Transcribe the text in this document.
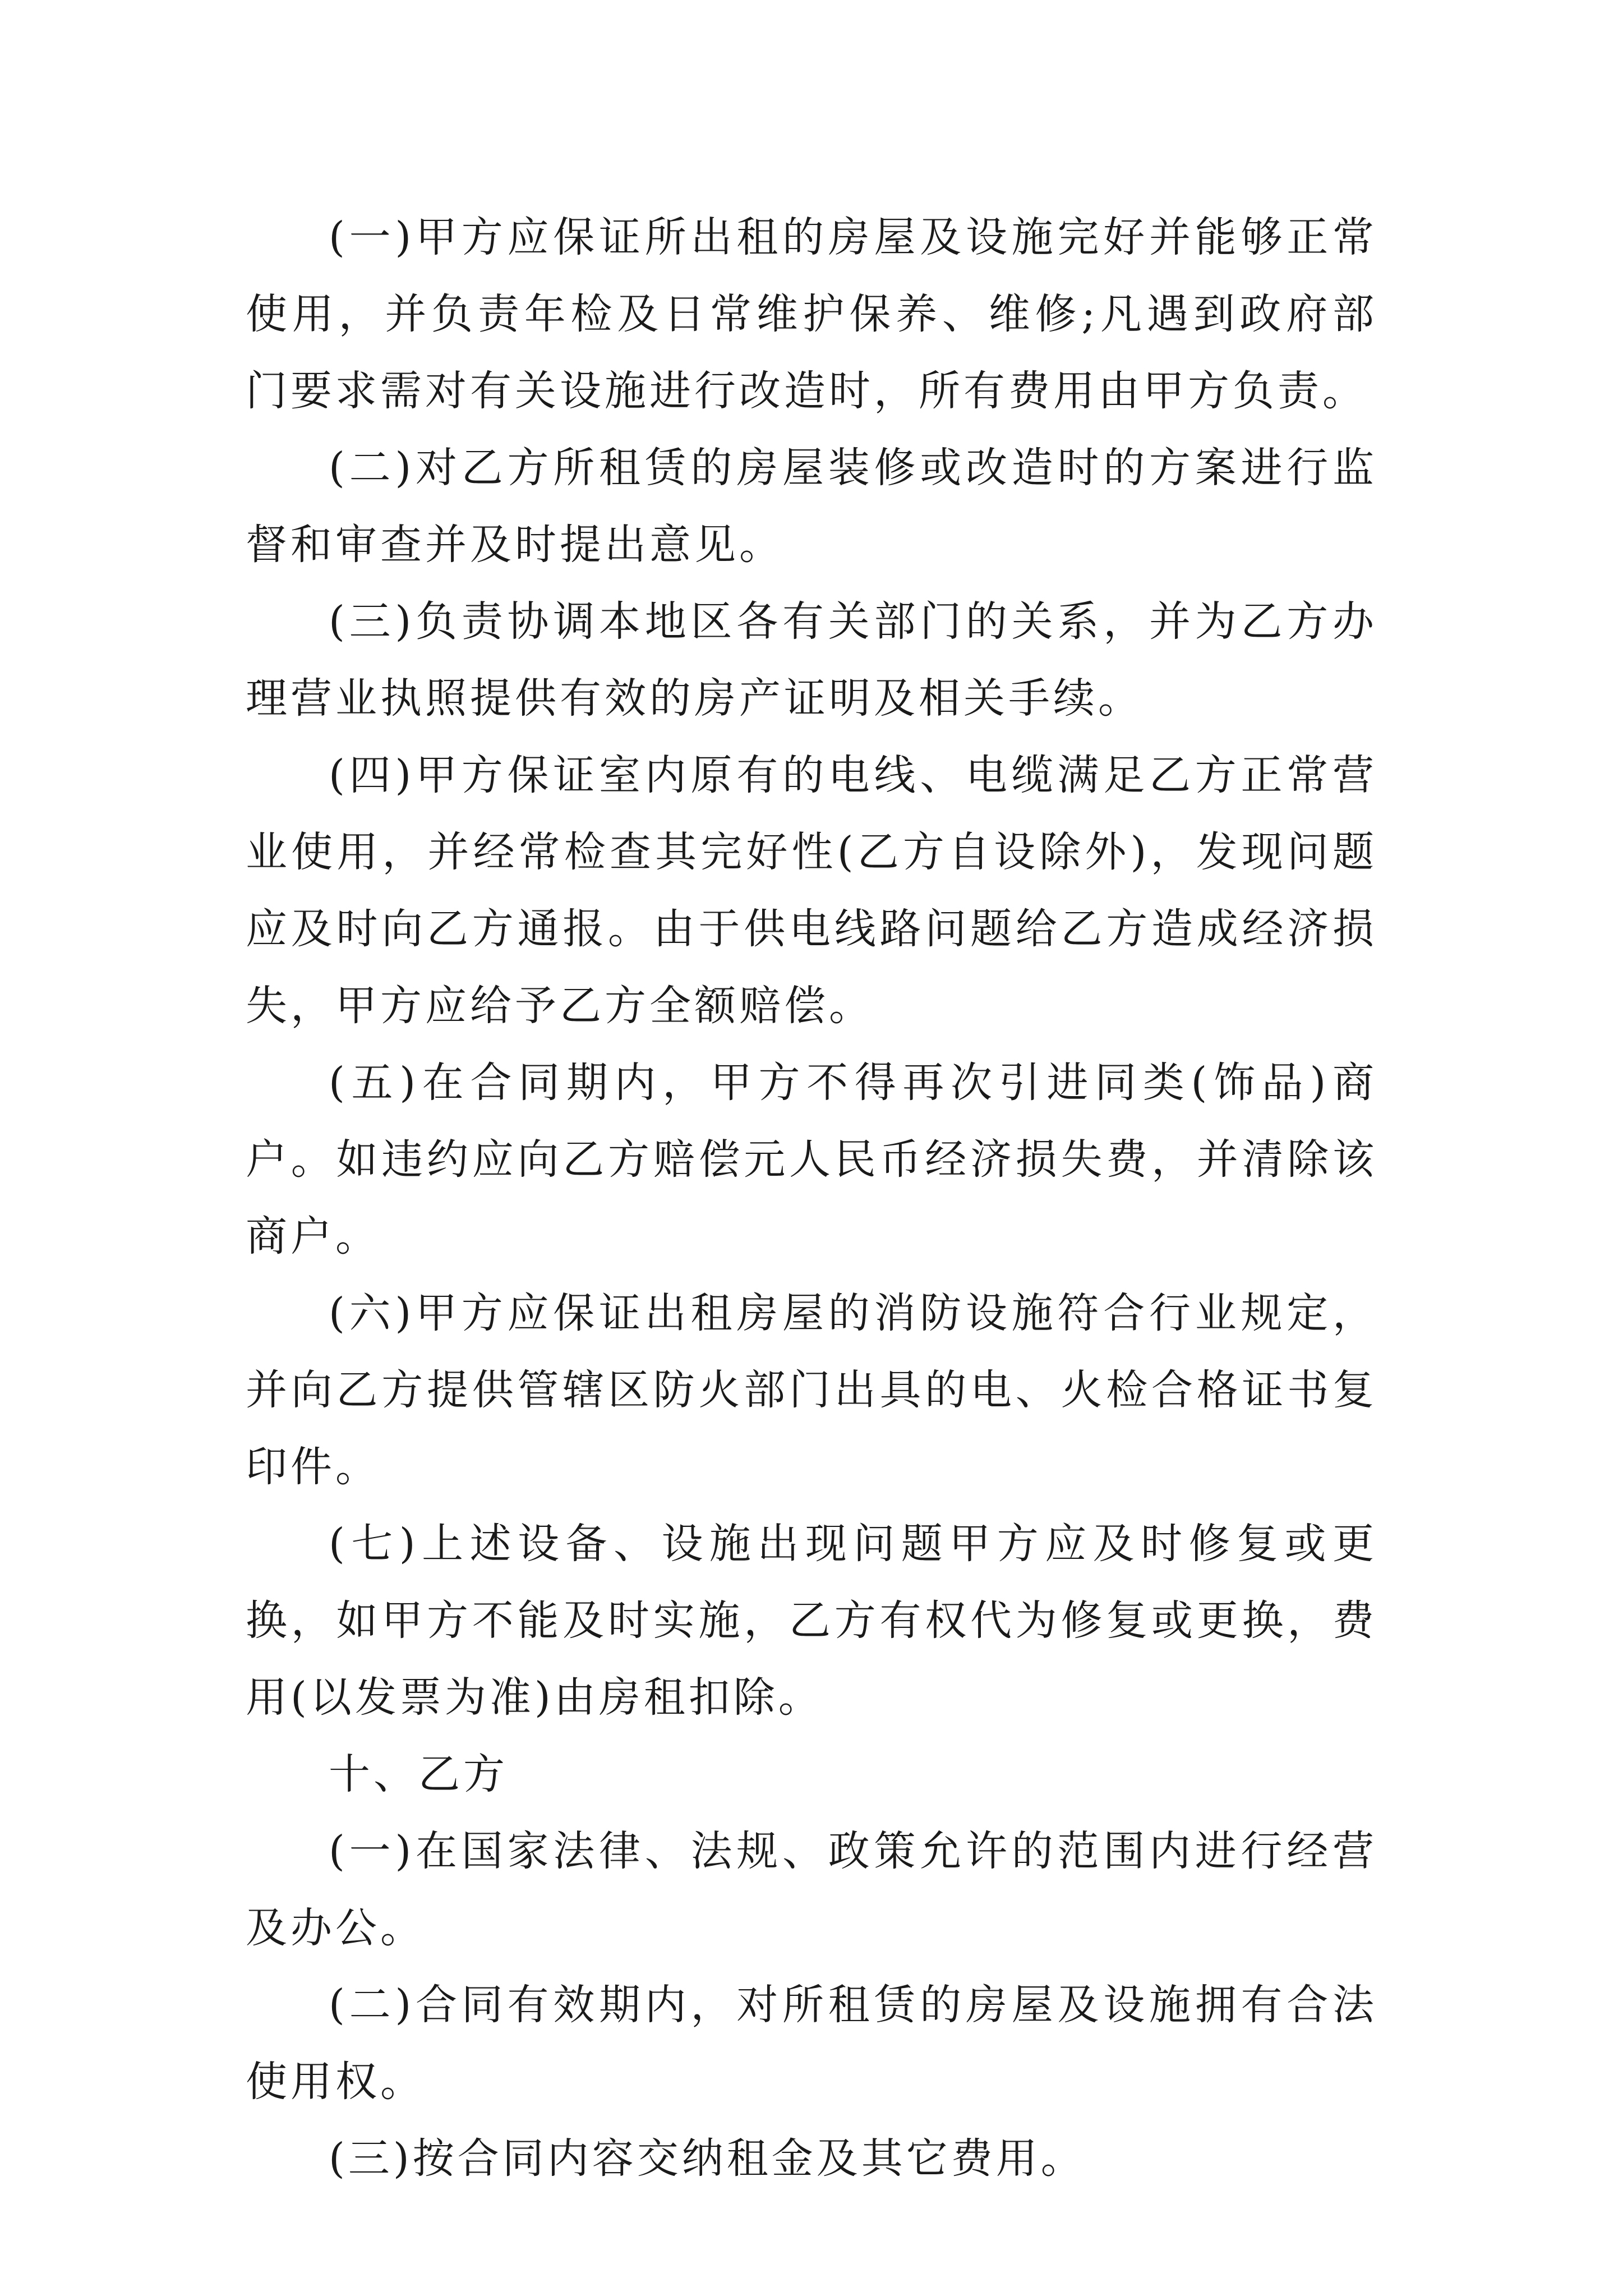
(一)甲方应保证所出租的房屋及设施完好并能够正常使用，并负责年检及日常维护保养、维修;凡遇到政府部门要求需对有关设施进行改造时，所有费用由甲方负责。

(二)对乙方所租赁的房屋装修或改造时的方案进行监督和审查并及时提出意见。

(三)负责协调本地区各有关部门的关系，并为乙方办理营业执照提供有效的房产证明及相关手续。

(四)甲方保证室内原有的电线、电缆满足乙方正常营业使用，并经常检查其完好性(乙方自设除外)，发现问题应及时向乙方通报。由于供电线路问题给乙方造成经济损失，甲方应给予乙方全额赔偿。

(五)在合同期内，甲方不得再次引进同类(饰品)商户。如违约应向乙方赔偿元人民币经济损失费，并清除该商户。

(六)甲方应保证出租房屋的消防设施符合行业规定，并向乙方提供管辖区防火部门出具的电、火检合格证书复印件。

(七)上述设备、设施出现问题甲方应及时修复或更换，如甲方不能及时实施，乙方有权代为修复或更换，费用(以发票为准)由房租扣除。

十、乙方

(一)在国家法律、法规、政策允许的范围内进行经营及办公。

(二)合同有效期内，对所租赁的房屋及设施拥有合法使用权。

(三)按合同内容交纳租金及其它费用。
